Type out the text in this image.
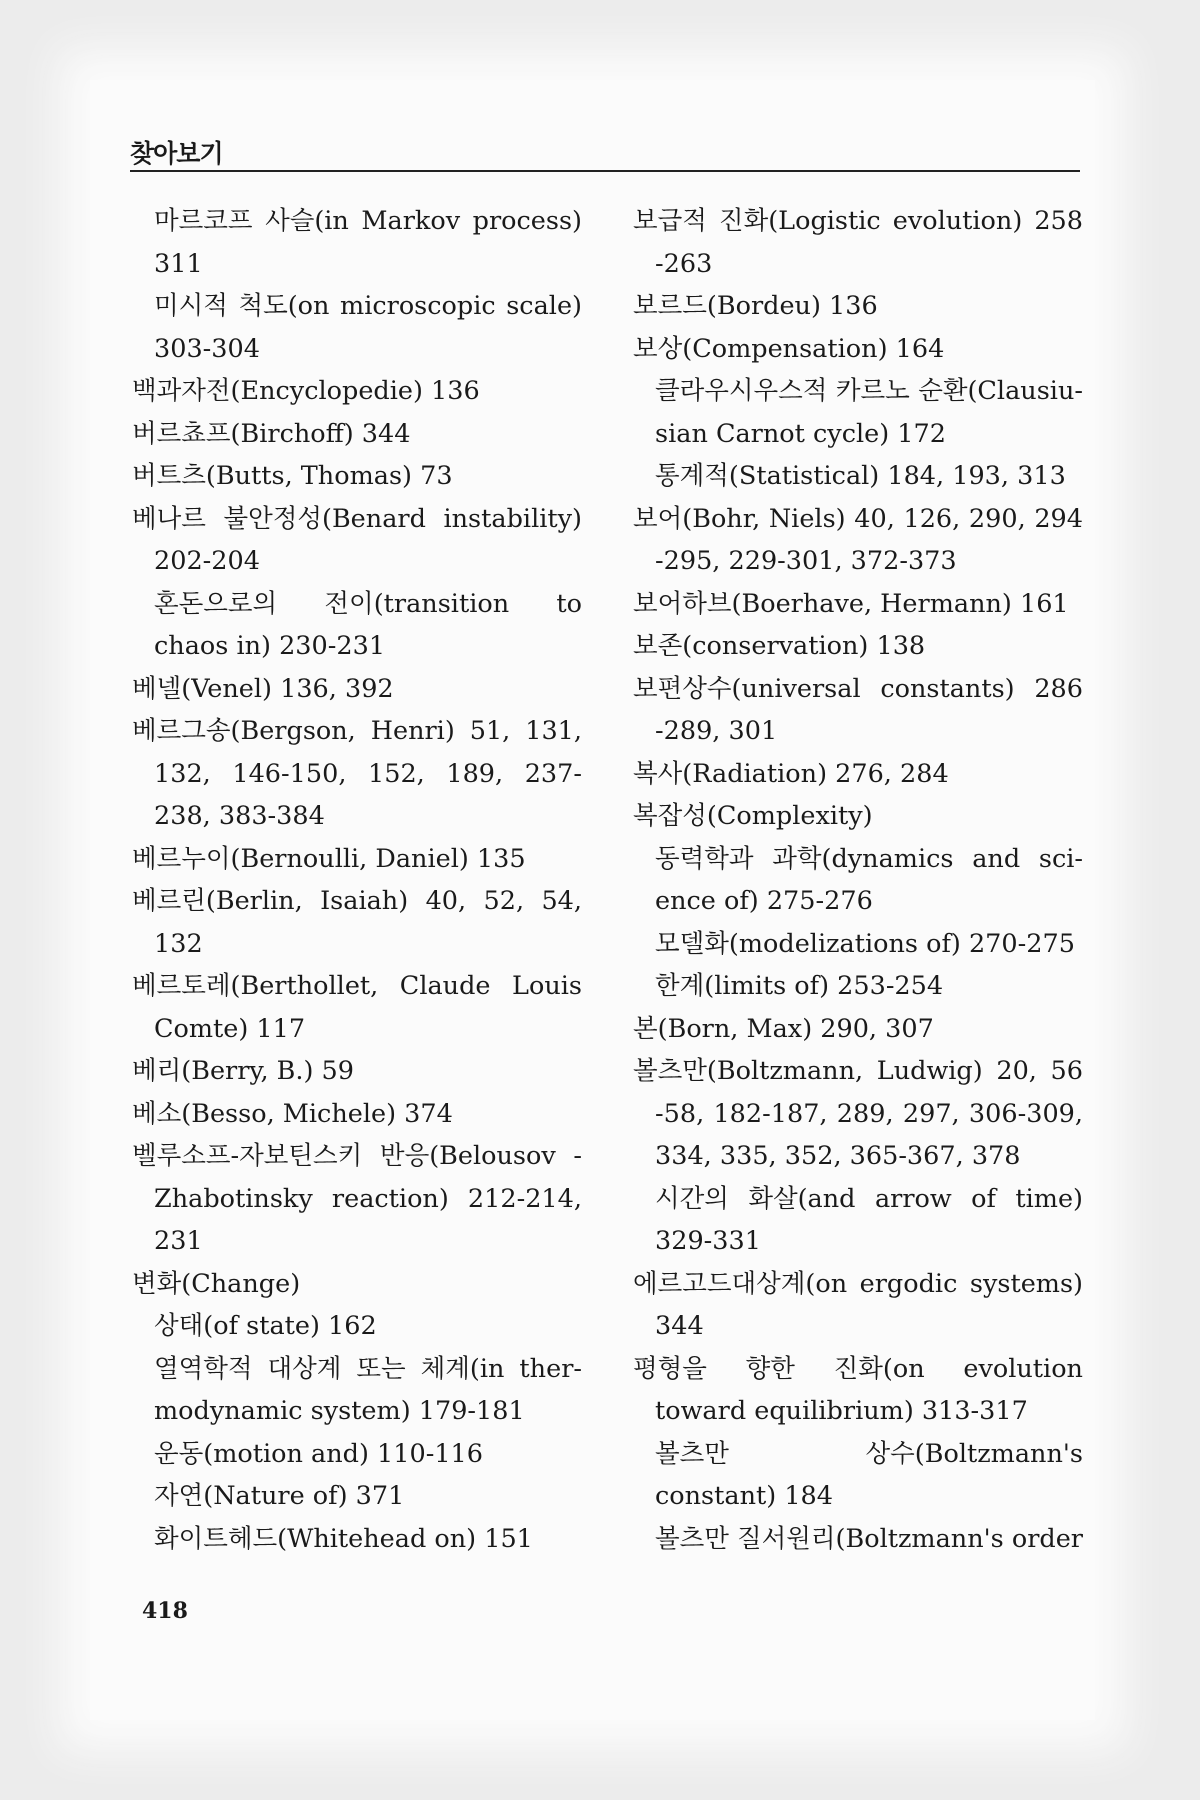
찾아보기

마르코프 사슬(in Markov process) 311

미시적 척도(on microscopic scale) 303-304

백과자전(Encyclopedie) 136

버르쵸프(Birchoff) 344

버트츠(Butts, Thomas) 73

베나르 불안정성(Benard instability) 202-204

혼돈으로의 전이(transition to chaos in) 230-231

베넬(Venel) 136, 392

베르그송(Bergson, Henri) 51, 131, 132, 146-150, 152, 189, 237-238, 383-384

베르누이(Bernoulli, Daniel) 135

베르린(Berlin, Isaiah) 40, 52, 54, 132

베르토레(Berthollet, Claude Louis Comte) 117

베리(Berry, B.) 59

베소(Besso, Michele) 374

벨루소프-자보틴스키 반응(Belousov -Zhabotinsky reaction) 212-214, 231

변화(Change)

상태(of state) 162

열역학적 대상계 또는 체계(in ther- modynamic system) 179-181

운동(motion and) 110-116

자연(Nature of) 371

화이트헤드(Whitehead on) 151

보급적 진화(Logistic evolution) 258 -263

보르드(Bordeu) 136

보상(Compensation) 164

클라우시우스적 카르노 순환(Clausiu- sian Carnot cycle) 172

통계적(Statistical) 184, 193, 313

보어(Bohr, Niels) 40, 126, 290, 294 -295, 229-301, 372-373

보어하브(Boerhave, Hermann) 161

보존(conservation) 138

보편상수(universal constants) 286 -289, 301

복사(Radiation) 276, 284

복잡성(Complexity)

동력학과 과학(dynamics and sci- ence of) 275-276

모델화(modelizations of) 270-275

한계(limits of) 253-254

본(Born, Max) 290, 307

볼츠만(Boltzmann, Ludwig) 20, 56 -58, 182-187, 289, 297, 306-309, 334, 335, 352, 365-367, 378

시간의 화살(and arrow of time) 329-331

에르고드대상계(on ergodic systems) 344

평형을 향한 진화(on evolution toward equilibrium) 313-317

볼츠만 상수(Boltzmann's constant) 184

볼츠만 질서원리(Boltzmann's order

418
